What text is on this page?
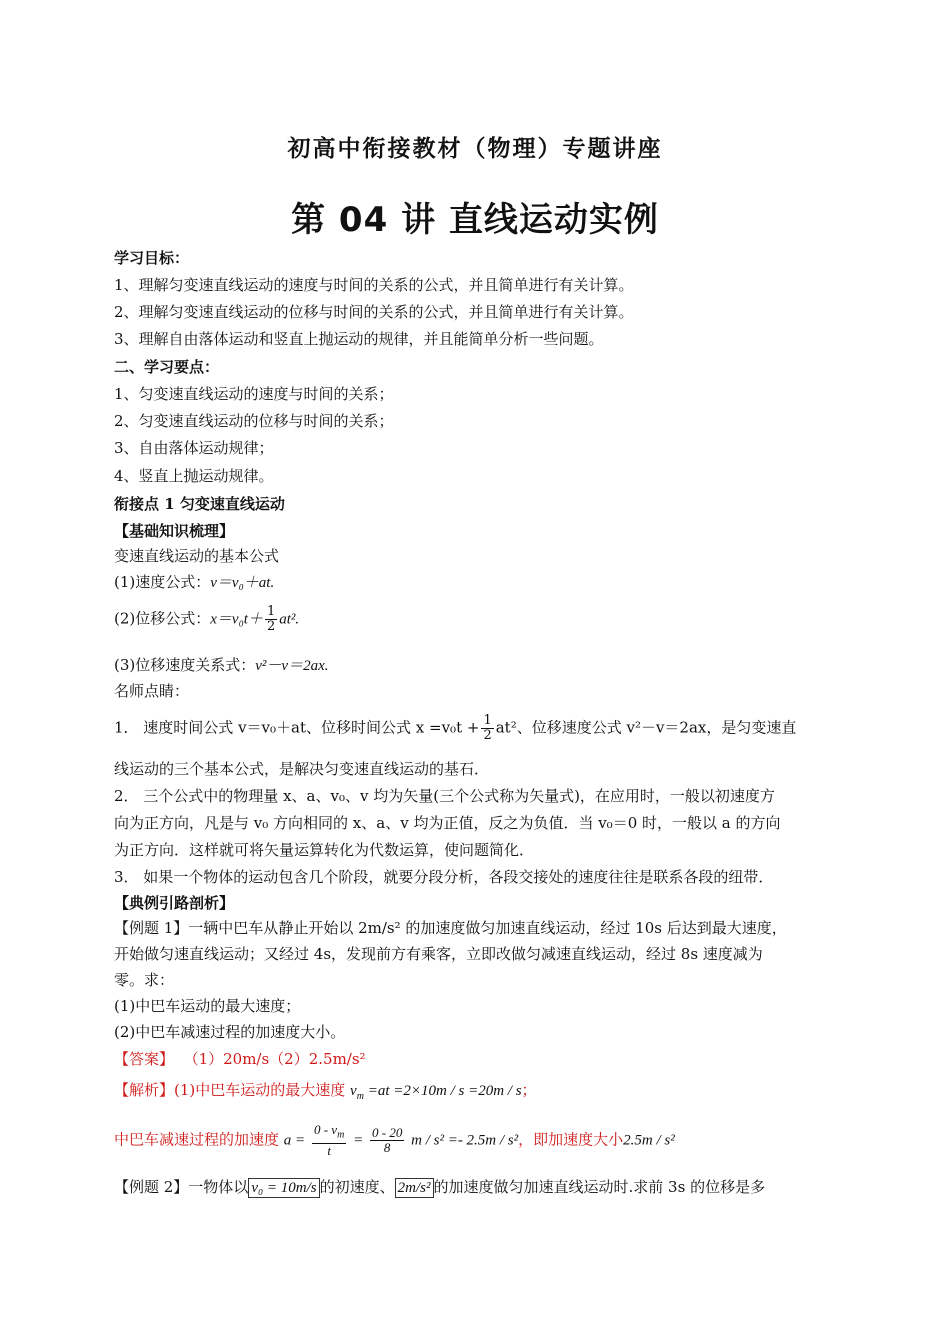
初高中衔接教材（物理）专题讲座
第 04 讲 直线运动实例
学习目标：
1、理解匀变速直线运动的速度与时间的关系的公式，并且简单进行有关计算。
2、理解匀变速直线运动的位移与时间的关系的公式，并且简单进行有关计算。
3、理解自由落体运动和竖直上抛运动的规律，并且能简单分析一些问题。
二、学习要点：
1、匀变速直线运动的速度与时间的关系；
2、匀变速直线运动的位移与时间的关系；
3、自由落体运动规律；
4、竖直上抛运动规律。
衔接点 1 匀变速直线运动
【基础知识梳理】
变速直线运动的基本公式
(1)速度公式：v＝v₀＋at.
(2)位移公式：$x=v_0t+ \frac{1}{2} at^2$.
(3)位移速度关系式：v²－v＝2ax.
名师点睛：
1． 速度时间公式 v＝v₀＋at、位移时间公式 $x =v_0t + \frac{1}{2} at^2$、位移速度公式 v²－v＝2ax，是匀变速直
线运动的三个基本公式，是解决匀变速直线运动的基石．
2． 三个公式中的物理量 x、a、v₀、v 均为矢量(三个公式称为矢量式)，在应用时，一般以初速度方
向为正方向，凡是与 v₀ 方向相同的 x、a、v 均为正值，反之为负值．当 v₀＝0 时，一般以 a 的方向
为正方向．这样就可将矢量运算转化为代数运算，使问题简化．
3． 如果一个物体的运动包含几个阶段，就要分段分析，各段交接处的速度往往是联系各段的纽带．
【典例引路剖析】
【例题 1】一辆中巴车从静止开始以 2m/s² 的加速度做匀加速直线运动，经过 10s 后达到最大速度，
开始做匀速直线运动；又经过 4s，发现前方有乘客，立即改做匀减速直线运动，经过 8s 速度减为
零。求：
(1)中巴车运动的最大速度；
(2)中巴车减速过程的加速度大小。
【答案】 （1）20m/s（2）2.5m/s²
【解析】(1)中巴车运动的最大速度 $v_m =at =2\times 10m / s =20m / s$；
中巴车减速过程的加速度 $a = \frac{0 - v_m}{t} = \frac{0 - 20}{8}$ m / s² =- 2.5m / s²，即加速度大小2.5m / s²
【例题 2】一物体以 v₀ = 10m/s 的初速度、 2m/s² 的加速度做匀加速直线运动时.求前 3s 的位移是多
